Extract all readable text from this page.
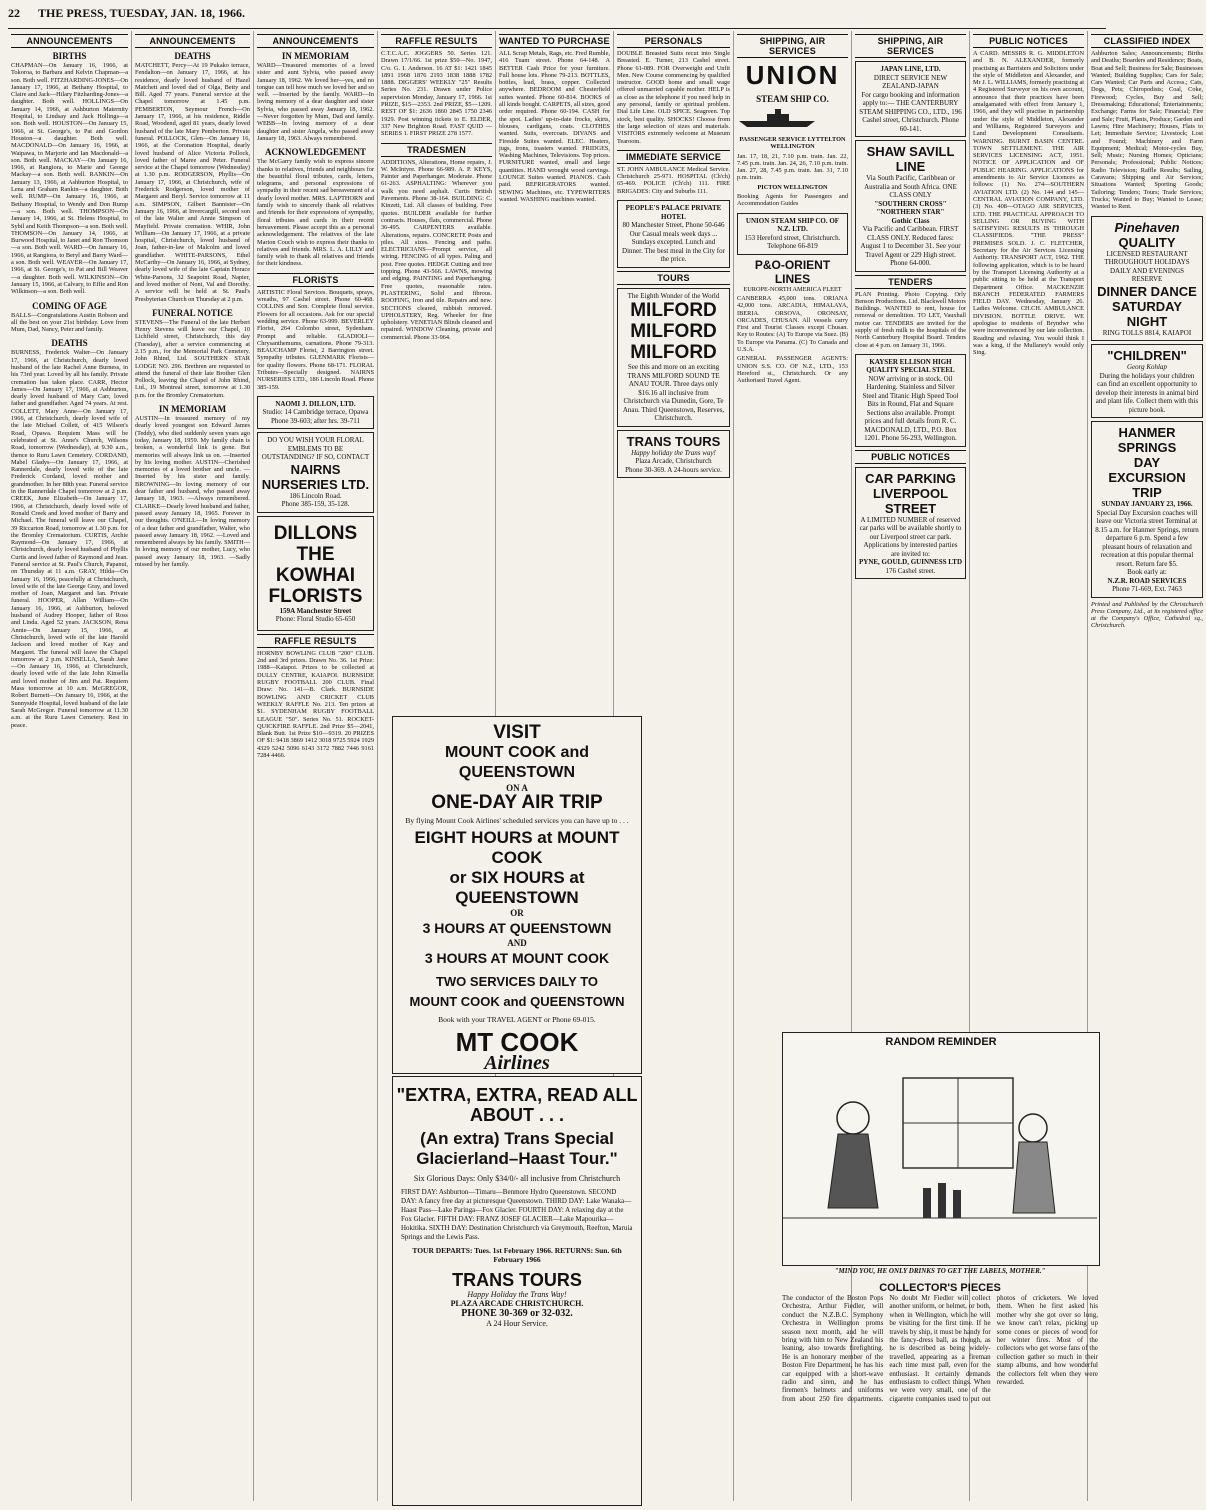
22	THE PRESS, TUESDAY, JAN. 18, 1966.
ANNOUNCEMENTS
BIRTHS

CHAPMAN—On January 16, 1966, at Tokoroa, to Barbara and Kelvin Chapman—a son. Both well. FITZHARDING-JONES—On January 17, 1966, at Bethany Hospital, to Claire and Jack—Hilary Fitzharding-Jones—a daughter. Both well. HOLLINGS—On January 14, 1966, at Ashburton Maternity Hospital, to Lindsay and Jack Hollings—a son. Both well. HOUSTON—On January 15, 1966, at St. George's, to Pat and Gordon Houston—a daughter. Both well. MACDONALD—On January 16, 1966, at Waipawa, to Marjorie and Ian Macdonald—a son. Both well. MACKAY—On January 16, 1966, at Rangiora, to Marie and George Mackay—a son. Both well. RANKIN—On January 13, 1966, at Ashburton Hospital, to Lena and Graham Rankin—a daughter. Both well. RUMP—On January 16, 1966, at Bethany Hospital, to Wendy and Don Rump—a son. Both well. THOMPSON—On January 14, 1966, at St. Helens Hospital, to Sybil and Keith Thompson—a son. Both well. THOMSON—On January 14, 1966, at Burwood Hospital, to Janet and Ron Thomson—a son. Both well. WARD—On January 16, 1966, at Rangiora, to Beryl and Barry Ward—a son. Both well. WEAVER—On January 17, 1966, at St. George's, to Pat and Bill Weaver—a daughter. Both well. WILKINSON—On January 15, 1966, at Calvary, to Effie and Ron Wilkinson—a son. Both well.

COMING OF AGE

BALLS—Congratulations Austin Robson and all the best on your 21st birthday. Love from Mum, Dad, Nancy, Peter and family.

DEATHS

BURNESS, Frederick Walter—On January 17, 1966, at Christchurch, dearly loved husband of the late Rachel Anne Burness, in his 73rd year. Loved by all his family. Private cremation has taken place. CARR, Hector James—On January 17, 1966, at Ashburton, dearly loved husband of Mary Carr, loved father and grandfather. Aged 74 years. At rest. COLLETT, Mary Anne—On January 17, 1966, at Christchurch, dearly loved wife of the late Michael Collett, of 415 Wilson's Road, Opawa. Requiem Mass will be celebrated at St. Anne's Church, Wilsons Road, tomorrow (Wednesday), at 9.30 a.m., thence to Ruru Lawn Cemetery. CORDAND, Mabel Gladys—On January 17, 1966, at Rannerdale, dearly loved wife of the late Frederick Cordand, loved mother and grandmother. In her 88th year. Funeral service in the Rannerdale Chapel tomorrow at 2 p.m. CREEK, June Elizabeth—On January 17, 1966, at Christchurch, dearly loved wife of Ronald Creek and loved mother of Barry and Michael. The funeral will leave our Chapel, 39 Riccarton Road, tomorrow at 1.30 p.m. for the Bromley Crematorium. CURTIS, Archie Raymond—On January 17, 1966, at Christchurch, dearly loved husband of Phyllis Curtis and loved father of Raymond and Jean. Funeral service at St. Paul's Church, Papanui, on Thursday at 11 a.m. GRAY, Hilda—On January 16, 1966, peacefully at Christchurch, loved wife of the late George Gray, and loved mother of Joan, Margaret and Ian. Private funeral. HOOPER, Allan William—On January 16, 1966, at Ashburton, beloved husband of Audrey Hooper, father of Ross and Linda. Aged 52 years. JACKSON, Rena Annie—On January 15, 1966, at Christchurch, loved wife of the late Harold Jackson and loved mother of Kay and Margaret. The funeral will leave the Chapel tomorrow at 2 p.m. KINSELLA, Sarah Jane—On January 16, 1966, at Christchurch, dearly loved wife of the late John Kinsella and loved mother of Jim and Pat. Requiem Mass tomorrow at 10 a.m. McGREGOR, Robert Burnett—On January 16, 1966, at the Sunnyside Hospital, loved husband of the late Sarah McGregor. Funeral tomorrow at 11.30 a.m. at the Ruru Lawn Cemetery. Rest in peace.

ANNOUNCEMENTS
DEATHS

MATCHETT, Percy—At 19 Pukako terrace, Fendalton—on January 17, 1966, at his residence, dearly loved husband of Hazel Matchett and loved dad of Olga, Betty and Bill. Aged 77 years. Funeral service at the Chapel tomorrow at 1.45 p.m. PEMBERTON, Seymour French—On January 17, 1966, at his residence, Riddle Road, Woodend, aged 81 years, dearly loved husband of the late Mary Pemberton. Private funeral. POLLOCK, Glen—On January 16, 1966, at the Coronation Hospital, dearly loved husband of Alice Victoria Pollock, loved father of Maree and Peter. Funeral service at the Chapel tomorrow (Wednesday) at 1.30 p.m. RODGERSON, Phyllis—On January 17, 1966, at Christchurch, wife of Frederick Rodgerson, loved mother of Margaret and Beryl. Service tomorrow at 11 a.m. SIMPSON, Gilbert Bannister—On January 16, 1966, at Invercargill, second son of the late Walter and Annie Simpson of Mayfield. Private cremation. WHIR, John William—On January 17, 1966, at a private hospital, Christchurch, loved husband of Joan, father-in-law of Malcolm and loved grandfather. WHITE-PARSONS, Ethel McCarthy—On January 16, 1966, at Sydney, dearly loved wife of the late Captain Horace White-Parsons, 32 Seapoint Road, Napier, and loved mother of Noni, Val and Dorothy. A service will be held at St. Paul's Presbyterian Church on Thursday at 2 p.m.

FUNERAL NOTICE

STEVENS—The Funeral of the late Herbert Henry Stevens will leave our Chapel, 10 Lichfield street, Christchurch, this day (Tuesday), after a service commencing at 2.15 p.m., for the Memorial Park Cemetery. John Rhind, Ltd. SOUTHERN STAR LODGE NO. 296. Brethren are requested to attend the funeral of their late Brother Glen Pollock, leaving the Chapel of John Rhind, Ltd., 19 Montreal street, tomorrow at 1.30 p.m. for the Bromley Crematorium.

IN MEMORIAM

AUSTIN—In treasured memory of my dearly loved youngest son Edward James (Teddy), who died suddenly seven years ago today, January 18, 1959. My family chain is broken, a wonderful link is gone. But memories will always link us on. —Inserted by his loving mother. AUSTIN—Cherished memories of a loved brother and uncle. —Inserted by his sister and family. BROWNING—In loving memory of our dear father and husband, who passed away January 18, 1963. —Always remembered. CLARKE—Dearly loved husband and father, passed away January 18, 1965. Forever in our thoughts. O'NEILL—In loving memory of a dear father and grandfather, Walter, who passed away January 18, 1962. —Loved and remembered always by his family. SMITH—In loving memory of our mother, Lucy, who passed away January 18, 1963. —Sadly missed by her family.

ANNOUNCEMENTS
IN MEMORIAM

WARD—Treasured memories of a loved sister and aunt Sylvia, who passed away January 18, 1962. We loved her—yes, and no tongue can tell how much we loved her and so well. —Inserted by the family. WARD—In loving memory of a dear daughter and sister Sylvia, who passed away January 18, 1962. —Never forgotten by Mum, Dad and family. WEBB—In loving memory of a dear daughter and sister Angela, who passed away January 18, 1963. Always remembered.

ACKNOWLEDGEMENT

The McGarry family wish to express sincere thanks to relatives, friends and neighbours for the beautiful floral tributes, cards, letters, telegrams, and personal expressions of sympathy in their recent sad bereavement of a dearly loved mother. MRS. LAPTHORN and family wish to sincerely thank all relatives and friends for their expressions of sympathy, floral tributes and cards in their recent bereavement. Please accept this as a personal acknowledgement. The relatives of the late Marion Couch wish to express their thanks to relatives and friends. MRS. L. A. LILLY and family wish to thank all relatives and friends for their kindness.

FLORISTS

ARTISTIC Floral Services. Bouquets, sprays, wreaths, 97 Cashel street. Phone 60-468. COLLINS and Son. Complete floral service. Flowers for all occasions. Ask for our special wedding service. Phone 63-999. BEVERLEY Florist, 264 Colombo street, Sydenham. Prompt and reliable. GLADIOLI—Chrysanthemums, carnations. Phone 79-313. BEAUCHAMP Florist, 2 Barrington street. Sympathy tributes. GLENMARK Florists—for quality flowers. Phone 68-171. FLORAL Tributes—Specially designed. NAIRNS NURSERIES LTD., 186 Lincoln Road. Phone 385-159.

NAOMI J. DILLON, LTD.
Studio: 14 Cambridge terrace, Opawa
Phone 39-603; after hrs. 39-711
DO YOU WISH YOUR FLORAL EMBLEMS TO BE OUTSTANDING? IF SO, CONTACT
NAIRNS NURSERIES LTD.
186 Lincoln Road.
Phone 385-159, 35-128.
DILLONS
THE KOWHAI
FLORISTS
159A Manchester Street
Phone: Floral Studio 65-650
RAFFLE RESULTS

HORNBY BOWLING CLUB "200" CLUB. 2nd and 3rd prizes. Drawn No. 36. 1st Prize: 1988—Kaiapoi. Prizes to be collected at DULLY CENTRE, KAIAPOI. BURNSIDE RUGBY FOOTBALL 200 CLUB. Final Draw: No. 141—B. Clark. BURNSIDE BOWLING AND CRICKET CLUB WEEKLY RAFFLE No. 213. Ten prizes at $1. SYDENHAM RUGBY FOOTBALL LEAGUE "50". Series No. 51. ROCKET-QUICKFIRE RAFFLE. 2nd Prize $5—2041, Blank Butt. 1st Prize $10—9319. 20 PRIZES OF $1: 9418 3869 1412 3018 9725 5924 1929 4329 5242 5096 6143 3172 7882 7446 9161 7284 4466.

RAFFLE RESULTS

C.T.C.A.C. JOGGERS 50. Series 121. Drawn 17/1/66. 1st prize $50—No. 1947, C/o. G. I. Anderson. 16 AT $1: 1421 1845 1891 1968 1876 2193 1838 1888 1782 1888. DIGGERS' WEEKLY "25" Results Series No. 231. Drawn under Police supervision Monday, January 17, 1966. 1st PRIZE, $15—2353. 2nd PRIZE, $5—1209. REST OF $1: 2636 1860 2845 1750 2346 1929. Post winning tickets to E. ELDER, 337 New Brighton Road. FAST QUID — SERIES 1. FIRST PRIZE 278 1577.

TRADESMEN

ADDITIONS, Alterations, Home repairs, J. W. McIntyre. Phone 66-989. A. P. KEYS, Painter and Paperhanger. Moderate. Phone 61-263. ASPHALTING: Wherever you walk you need asphalt. Curtis British Pavements. Phone 38-164. BUILDING: C. Kinzett, Ltd. All classes of building. Free quotes. BUILDER available for further contracts. Houses, flats, commercial. Phone 36-495. CARPENTERS available. Alterations, repairs. CONCRETE Posts and piles. All sizes. Fencing and paths. ELECTRICIANS—Prompt service, all wiring. FENCING of all types. Paling and post. Free quotes. HEDGE Cutting and tree topping. Phone 43-566. LAWNS, mowing and edging. PAINTING and Paperhanging. Free quotes, reasonable rates. PLASTERING, Solid and fibrous. ROOFING, Iron and tile. Repairs and new. SECTIONS cleared, rubbish removed. UPHOLSTERY, Reg. Wheeler for fine upholstery. VENETIAN Blinds cleaned and repaired. WINDOW Cleaning, private and commercial. Phone 33-964.

WANTED TO PURCHASE

ALL Scrap Metals, Rags, etc. Fred Rumble, 416 Tuam street. Phone 64-148. A BETTER Cash Price for your furniture. Full house lots. Phone 79-213. BOTTLES, bottles, lead, brass, copper. Collected anywhere. BEDROOM and Chesterfield suites wanted. Phone 60-814. BOOKS of all kinds bought. CARPETS, all sizes, good order required. Phone 60-194. CASH for the spot. Ladies' up-to-date frocks, skirts, blouses, cardigans, coats. CLOTHES wanted. Suits, overcoats. DIVANS and Fireside Suites wanted. ELEC. Heaters, jugs, irons, toasters wanted. FRIDGES, Washing Machines, Televisions. Top prices. FURNITURE wanted, small and large quantities. HAND wrought wood carvings. LOUNGE Suites wanted. PIANOS. Cash paid. REFRIGERATORS wanted. SEWING Machines, etc. TYPEWRITERS wanted. WASHING machines wanted.

PERSONALS

DOUBLE Breasted Suits recut into Single Breasted. E. Turner, 213 Cashel street. Phone 61-089. FOR Overweight and Unfit Men. New Course commencing by qualified instructor. GOOD home and small wage offered unmarried capable mother. HELP is as close as the telephone if you need help in any personal, family or spiritual problem. Dial Life Line. OLD SPICE. Seagreen. Top stock, best quality. SHOCKS! Choose from the large selection of sizes and materials. VISITORS extremely welcome at Museum Tearoom.

IMMEDIATE SERVICE

ST. JOHN AMBULANCE Medical Service. Christchurch 25-971. HOSPITAL (Ch'ch) 65-469. POLICE (Ch'ch) 111. FIRE BRIGADES: City and Suburbs 111.

PEOPLE'S PALACE PRIVATE HOTEL
80 Manchester Street, Phone 50-646
Our Casual meals week days ... Sundays excepted. Lunch and Dinner. The best meal in the City for the price.
TOURS
The Eighth Wonder of the World
MILFORD
MILFORD
MILFORD
See this and more on an exciting TRANS MILFORD SOUND TE ANAU TOUR. Three days only $16.16 all inclusive from Christchurch via Dunedin, Gore, Te Anau. Third Queenstown, Reserves, Christchurch.
TRANS TOURS
Happy holiday the Trans way!
Plaza Arcade, Christchurch
Phone 30-369. A 24-hours service.
SHIPPING, AIR SERVICES
UNION
STEAM SHIP CO.

PASSENGER SERVICE LYTTELTON WELLINGTON

Jan. 17, 18, 21, 7.10 p.m. train. Jan. 22, 7.45 p.m. train. Jan. 24, 26, 7.10 p.m. train. Jan. 27, 28, 7.45 p.m. train. Jan. 31, 7.10 p.m. train.

PICTON WELLINGTON

Booking Agents for Passengers and Accommodation Guides

UNION STEAM SHIP CO. OF N.Z. LTD.
153 Hereford street, Christchurch.
Telephone 66-819
P&O-ORIENT LINES

EUROPE-NORTH AMERICA FLEET

CANBERRA 45,000 tons. ORIANA 42,000 tons. ARCADIA, HIMALAYA, IBERIA. ORSOVA, ORONSAY, ORCADES, CHUSAN. All vessels carry First and Tourist Classes except Chusan. Key to Routes: (A) To Europe via Suez. (B) To Europe via Panama. (C) To Canada and U.S.A.

GENERAL PASSENGER AGENTS: UNION S.S. CO. OF N.Z., LTD., 153 Hereford st., Christchurch. Or any Authorised Travel Agent.

SHIPPING, AIR SERVICES
JAPAN LINE, LTD.
DIRECT SERVICE NEW ZEALAND-JAPAN
For cargo booking and information apply to:— THE CANTERBURY STEAM SHIPPING CO., LTD., 196 Cashel street, Christchurch. Phone 60-141.
SHAW SAVILL LINE
Via South Pacific, Caribbean or Australia and South Africa. ONE CLASS ONLY
"SOUTHERN CROSS" "NORTHERN STAR"
Gothic Class
Via Pacific and Caribbean. FIRST CLASS ONLY. Reduced fares: August 1 to December 31. See your Travel Agent or 229 High street. Phone 64-000.
TENDERS

PLAN Printing. Photo Copying. Orly Benson Productions. Ltd. Blackwell Motors Buildings. WANTED to rent, house for removal or demolition. TO LET, Vauxhall motor car. TENDERS are invited for the supply of fresh milk to the hospitals of the North Canterbury Hospital Board. Tenders close at 4 p.m. on January 31, 1966.

KAYSER ELLISON HIGH QUALITY SPECIAL STEEL
NOW arriving or in stock. Oil Hardening. Stainless and Silver Steel and Titanic High Speed Tool Bits in Round, Flat and Square Sections also available. Prompt prices and full details from R. C. MACDONALD, LTD., P.O. Box 1201. Phone 56-293, Wellington.
PUBLIC NOTICES
CAR PARKING
LIVERPOOL STREET
A LIMITED NUMBER of reserved car parks will be available shortly to our Liverpool street car park. Applications by interested parties are invited to:
PYNE, GOULD, GUINNESS LTD
176 Cashel street.
PUBLIC NOTICES

A CARD. MESSRS R. G. MIDDLETON and B. N. ALEXANDER, formerly practising as Barristers and Solicitors under the style of Middleton and Alexander, and Mr J. L. WILLIAMS, formerly practising at 4 Registered Surveyor on his own account, announce that their practices have been amalgamated with effect from January 1, 1966, and they will practise in partnership under the style of Middleton, Alexander and Williams, Registered Surveyors and Land Development Consultants. WARNING. BURNT BASIN CENTRE. TOWN SETTLEMENT. THE AIR SERVICES LICENSING ACT, 1951. NOTICE OF APPLICATION and OF PUBLIC HEARING. APPLICATIONS for amendments to Air Service Licences as follows: (1) No. 274—SOUTHERN AVIATION LTD. (2) No. 144 and 145—CENTRAL AVIATION COMPANY, LTD. (3) No. 408—OTAGO AIR SERVICES, LTD. THE PRACTICAL APPROACH TO SELLING OR BUYING WITH SATISFYING RESULTS IS THROUGH CLASSIFIEDS. "THE PRESS" PREMISES SOLD. J. C. FLETCHER, Secretary for the Air Services Licensing Authority. TRANSPORT ACT, 1962. THE following application, which is to be heard by the Transport Licensing Authority at a public sitting to be held at the Transport Department Office. MACKENZIE BRANCH FEDERATED FARMERS FIELD DAY. Wednesday, January 26. Ladies Welcome. CH.CH. AMBULANCE DIVISION. BOTTLE DRIVE. WE apologise to residents of Bryndwr who were inconvenienced by our late collection. Reading and relaxing. You would think I was a king, if the Mullaney's would only Sing.

CLASSIFIED INDEX

Ashburton Sales; Announcements; Births and Deaths; Boarders and Residence; Boats, Boat and Sell; Business for Sale; Businesses Wanted; Building Supplies; Cars for Sale; Cars Wanted; Car Parts and Access.; Cats, Dogs, Pets; Chiropodists; Coal, Coke, Firewood; Cycles, Buy and Sell; Dressmaking; Educational; Entertainments; Exchange; Farms for Sale; Financial; Fire and Sale; Fruit, Plants, Produce; Garden and Lawns; Hire Machinery; Houses, Flats to Let; Immediate Service; Livestock; Lost and Found; Machinery and Farm Equipment; Medical; Motor-cycles Buy, Sell; Music; Nursing Homes; Opticians; Personals; Professional; Public Notices; Radio Television; Raffle Results; Sailing, Caravans; Shipping and Air Services; Situations Wanted; Sporting Goods; Tailoring; Tenders; Tours; Trade Services; Trucks; Wanted to Buy; Wanted to Lease; Wanted to Rent.

Pinehaven
QUALITY
LICENSED RESTAURANT
THROUGHOUT HOLIDAYS DAILY AND EVENINGS
RESERVE
DINNER DANCE
SATURDAY NIGHT
RING TOLLS 8814, KAIAPOI
"CHILDREN"
Georg Kohlap
During the holidays your children can find an excellent opportunity to develop their interests in animal bird and plant life. Collect them with this picture book.
HANMER SPRINGS
DAY EXCURSION
TRIP
SUNDAY JANUARY 23, 1966.
Special Day Excursion coaches will leave our Victoria street Terminal at 8.15 a.m. for Hanmer Springs, return departure 6 p.m. Spend a few pleasant hours of relaxation and recreation at this popular thermal resort. Return fare $5.
Book early at:
N.Z.R. ROAD SERVICES
Phone 71-669, Ext. 7463

Printed and Published by the Christchurch Press Company, Ltd., at its registered office at the Company's Office, Cathedral sq., Christchurch.

VISIT
MOUNT COOK and QUEENSTOWN
ON A
ONE-DAY AIR TRIP
By flying Mount Cook Airlines' scheduled services you can have up to . . .
EIGHT HOURS at MOUNT COOK
or SIX HOURS at QUEENSTOWN
OR
3 HOURS AT QUEENSTOWN
AND
3 HOURS AT MOUNT COOK
TWO SERVICES DAILY TO
MOUNT COOK and QUEENSTOWN
Book with your TRAVEL AGENT or Phone 69-015.
MT COOK
Airlines
"EXTRA, EXTRA, READ ALL ABOUT . . .
(An extra) Trans Special Glacierland–Haast Tour."
Six Glorious Days: Only $34/0/- all inclusive from Christchurch
FIRST DAY: Ashburton—Timaru—Benmore Hydro Queenstown. SECOND DAY: A fancy free day at picturesque Queenstown. THIRD DAY: Lake Wanaka—Haast Pass—Lake Paringa—Fox Glacier. FOURTH DAY: A relaxing day at the Fox Glacier. FIFTH DAY: FRANZ JOSEF GLACIER—Lake Mapourika—Hokitika. SIXTH DAY: Destination Christchurch via Greymouth, Reefton, Maruia Springs and the Lewis Pass.
TOUR DEPARTS: Tues. 1st February 1966. RETURNS: Sun. 6th February 1966
TRANS TOURS
Happy Holiday the Trans Way!
PLAZA ARCADE CHRISTCHURCH.
PHONE 30-369 or 32-032.
A 24 Hour Service.
RANDOM REMINDER
"MIND YOU, HE ONLY DRINKS TO GET THE LABELS, MOTHER."
COLLECTOR'S PIECES

The conductor of the Boston Pops Orchestra, Arthur Fiedler, will conduct the N.Z.B.C. Symphony Orchestra in Wellington proms season next month, and he will bring with him to New Zealand his leaning, also towards firefighting. He is an honorary member of the Boston Fire Department, he has his car equipped with a short-wave radio and siren, and he has firemen's helmets and uniforms from about 250 fire departments. No doubt Mr Fiedler will collect another uniform, or helmet, or both, when in Wellington, which he will be visiting for the first time. If he travels by ship, it must be handy for the fancy-dress ball, as though, as he is described as being widely-travelled, appearing as a fireman each time must pall, even for the enthusiast. It certainly demands enthusiasm to collect things. When we were very small, one of the cigarette companies used to put out photos of cricketers. We loved them. When he first asked his mother why she got over so long, we know can't relax, picking up some cones or pieces of wood for her winter fires. Most of the collectors who get worse fans of the collection gather so much in their stamp albums, and how wonderful the collectors felt when they were rewarded.
